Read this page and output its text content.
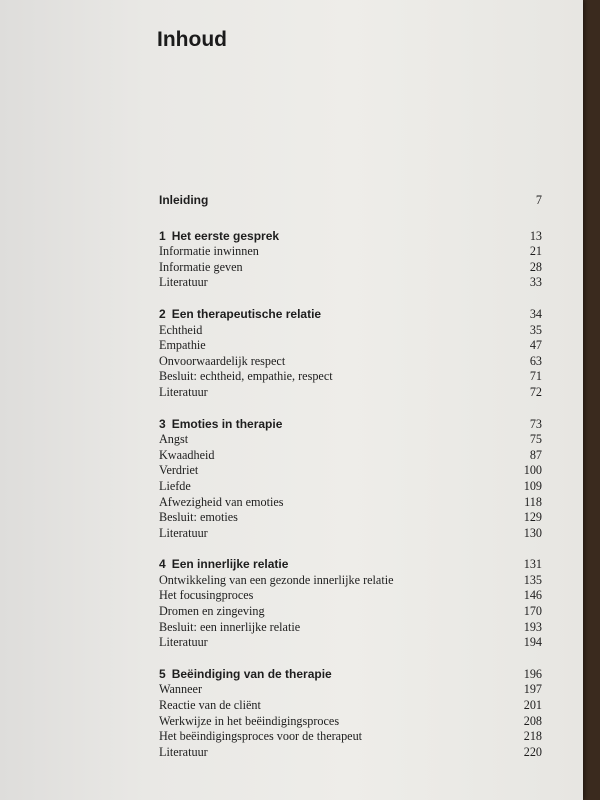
Inhoud
Inleiding	7
1 Het eerste gesprek	13
Informatie inwinnen	21
Informatie geven	28
Literatuur	33
2 Een therapeutische relatie	34
Echtheid	35
Empathie	47
Onvoorwaardelijk respect	63
Besluit: echtheid, empathie, respect	71
Literatuur	72
3 Emoties in therapie	73
Angst	75
Kwaadheid	87
Verdriet	100
Liefde	109
Afwezigheid van emoties	118
Besluit: emoties	129
Literatuur	130
4 Een innerlijke relatie	131
Ontwikkeling van een gezonde innerlijke relatie	135
Het focusingproces	146
Dromen en zingeving	170
Besluit: een innerlijke relatie	193
Literatuur	194
5 Beëindiging van de therapie	196
Wanneer	197
Reactie van de cliënt	201
Werkwijze in het beëindigingsproces	208
Het beëindigingsproces voor de therapeut	218
Literatuur	220
